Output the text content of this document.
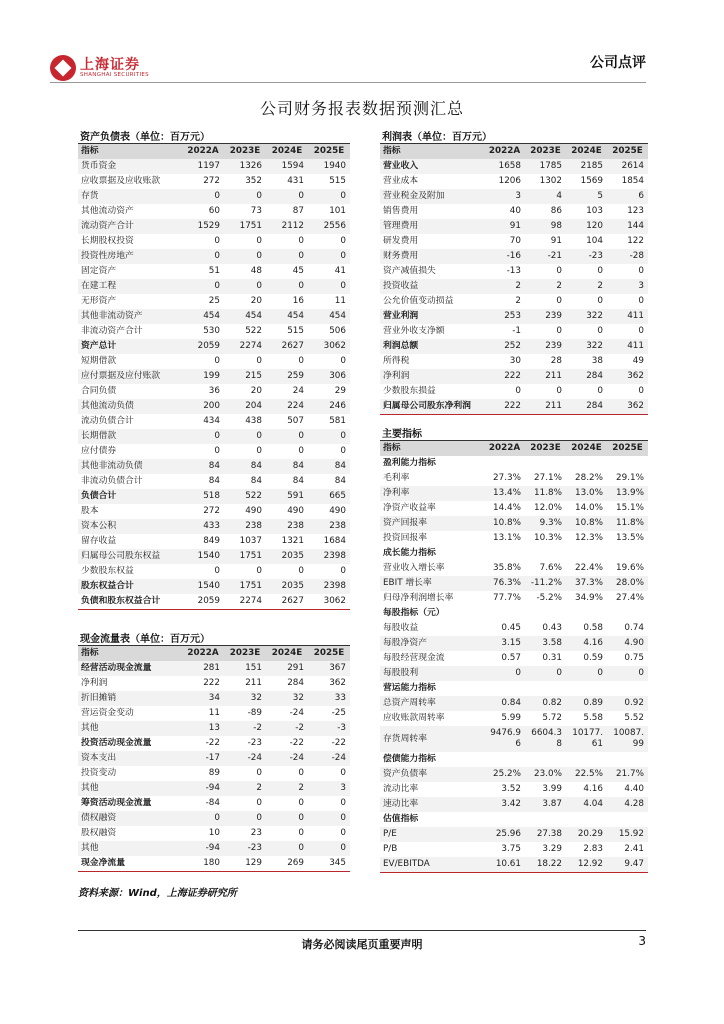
上海证券
SHANGHAI SECURITIES
公司点评
公司财务报表数据预测汇总
资产负债表（单位：百万元）
指标	2022A	2023E	2024E	2025E
货币资金	1197	1326	1594	1940
应收票据及应收账款	272	352	431	515
存货	0	0	0	0
其他流动资产	60	73	87	101
流动资产合计	1529	1751	2112	2556
长期股权投资	0	0	0	0
投资性房地产	0	0	0	0
固定资产	51	48	45	41
在建工程	0	0	0	0
无形资产	25	20	16	11
其他非流动资产	454	454	454	454
非流动资产合计	530	522	515	506
资产总计	2059	2274	2627	3062
短期借款	0	0	0	0
应付票据及应付账款	199	215	259	306
合同负债	36	20	24	29
其他流动负债	200	204	224	246
流动负债合计	434	438	507	581
长期借款	0	0	0	0
应付债券	0	0	0	0
其他非流动负债	84	84	84	84
非流动负债合计	84	84	84	84
负债合计	518	522	591	665
股本	272	490	490	490
资本公积	433	238	238	238
留存收益	849	1037	1321	1684
归属母公司股东权益	1540	1751	2035	2398
少数股东权益	0	0	0	0
股东权益合计	1540	1751	2035	2398
负债和股东权益合计	2059	2274	2627	3062
现金流量表（单位：百万元）
指标	2022A	2023E	2024E	2025E
经营活动现金流量	281	151	291	367
净利润	222	211	284	362
折旧摊销	34	32	32	33
营运资金变动	11	-89	-24	-25
其他	13	-2	-2	-3
投资活动现金流量	-22	-23	-22	-22
资本支出	-17	-24	-24	-24
投资变动	89	0	0	0
其他	-94	2	2	3
筹资活动现金流量	-84	0	0	0
债权融资	0	0	0	0
股权融资	10	23	0	0
其他	-94	-23	0	0
现金净流量	180	129	269	345
利润表（单位：百万元）
指标	2022A	2023E	2024E	2025E
营业收入	1658	1785	2185	2614
营业成本	1206	1302	1569	1854
营业税金及附加	3	4	5	6
销售费用	40	86	103	123
管理费用	91	98	120	144
研发费用	70	91	104	122
财务费用	-16	-21	-23	-28
资产减值损失	-13	0	0	0
投资收益	2	2	2	3
公允价值变动损益	2	0	0	0
营业利润	253	239	322	411
营业外收支净额	-1	0	0	0
利润总额	252	239	322	411
所得税	30	28	38	49
净利润	222	211	284	362
少数股东损益	0	0	0	0
归属母公司股东净利润	222	211	284	362
主要指标
指标	2022A	2023E	2024E	2025E
盈利能力指标				
毛利率	27.3%	27.1%	28.2%	29.1%
净利率	13.4%	11.8%	13.0%	13.9%
净资产收益率	14.4%	12.0%	14.0%	15.1%
资产回报率	10.8%	9.3%	10.8%	11.8%
投资回报率	13.1%	10.3%	12.3%	13.5%
成长能力指标				
营业收入增长率	35.8%	7.6%	22.4%	19.6%
EBIT 增长率	76.3%	-11.2%	37.3%	28.0%
归母净利润增长率	77.7%	-5.2%	34.9%	27.4%
每股指标（元）				
每股收益	0.45	0.43	0.58	0.74
每股净资产	3.15	3.58	4.16	4.90
每股经营现金流	0.57	0.31	0.59	0.75
每股股利	0	0	0	0
营运能力指标				
总资产周转率	0.84	0.82	0.89	0.92
应收账款周转率	5.99	5.72	5.58	5.52
存货周转率	9476.9 6	6604.3 8	10177. 61	10087. 99
偿债能力指标				
资产负债率	25.2%	23.0%	22.5%	21.7%
流动比率	3.52	3.99	4.16	4.40
速动比率	3.42	3.87	4.04	4.28
估值指标				
P/E	25.96	27.38	20.29	15.92
P/B	3.75	3.29	2.83	2.41
EV/EBITDA	10.61	18.22	12.92	9.47
资料来源：Wind，上海证券研究所
请务必阅读尾页重要声明	3
